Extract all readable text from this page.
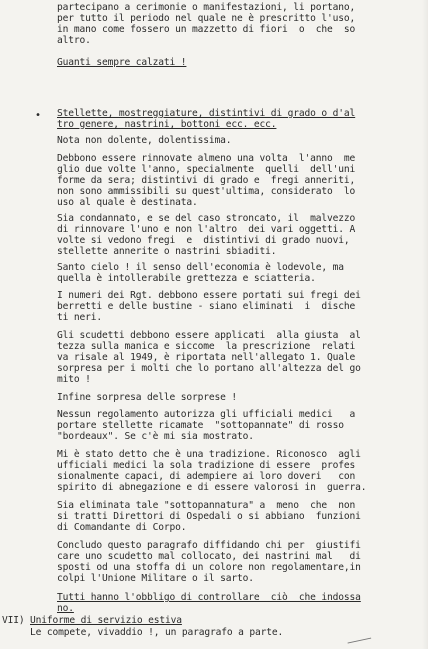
partecipano a cerimonie o manifestazioni, li portano,
per tutto il periodo nel quale ne è prescritto l'uso,
in mano come fossero un mazzetto di fiori  o  che  so
altro.
Guanti sempre calzati !
• Stellette, mostreggiature, distintivi di grado o d'al
tro genere, nastrini, bottoni ecc. ecc.
Nota non dolente, dolentissima.
Debbono essere rinnovate almeno una volta  l'anno  me
glio due volte l'anno, specialmente  quelli  dell'uni
forme da sera; distintivi di grado e  fregi anneriti,
non sono ammissibili su quest'ultima, considerato  lo
uso al quale è destinata.
Sia condannato, e se del caso stroncato, il  malvezzo
di rinnovare l'uno e non l'altro  dei vari oggetti. A
volte si vedono fregi  e  distintivi di grado nuovi,
stellette annerite o nastrini sbiaditi.
Santo cielo ! il senso dell'economia è lodevole, ma
quella è intollerabile grettezza e sciatteria.
I numeri dei Rgt. debbono essere portati sui fregi dei
berretti e delle bustine - siano eliminati  i  dische
ti neri.
Gli scudetti debbono essere applicati  alla giusta  al
tezza sulla manica e siccome  la prescrizione  relati
va risale al 1949, è riportata nell'allegato 1. Quale
sorpresa per i molti che lo portano all'altezza del go
mito !
Infine sorpresa delle sorprese !
Nessun regolamento autorizza gli ufficiali medici   a
portare stellette ricamate  "sottopannate" di rosso
"bordeaux". Se c'è mi sia mostrato.
Mi è stato detto che è una tradizione. Riconosco  agli
ufficiali medici la sola tradizione di essere  profes
sionalmente capaci, di adempiere ai loro doveri   con
spirito di abnegazione e di essere valorosi in  guerra.
Sia eliminata tale "sottopannatura" a  meno  che  non
si tratti Direttori di Ospedali o si abbiano  funzioni
di Comandante di Corpo.
Concludo questo paragrafo diffidando chi per  giustifi
care uno scudetto mal collocato, dei nastrini mal   di
sposti od una stoffa di un colore non regolamentare,in
colpi l'Unione Militare o il sarto.
Tutti hanno l'obbligo di controllare  ciò  che indossa
no.
VII) Uniforme di servizio estiva
Le compete, vivaddio !, un paragrafo a parte.
